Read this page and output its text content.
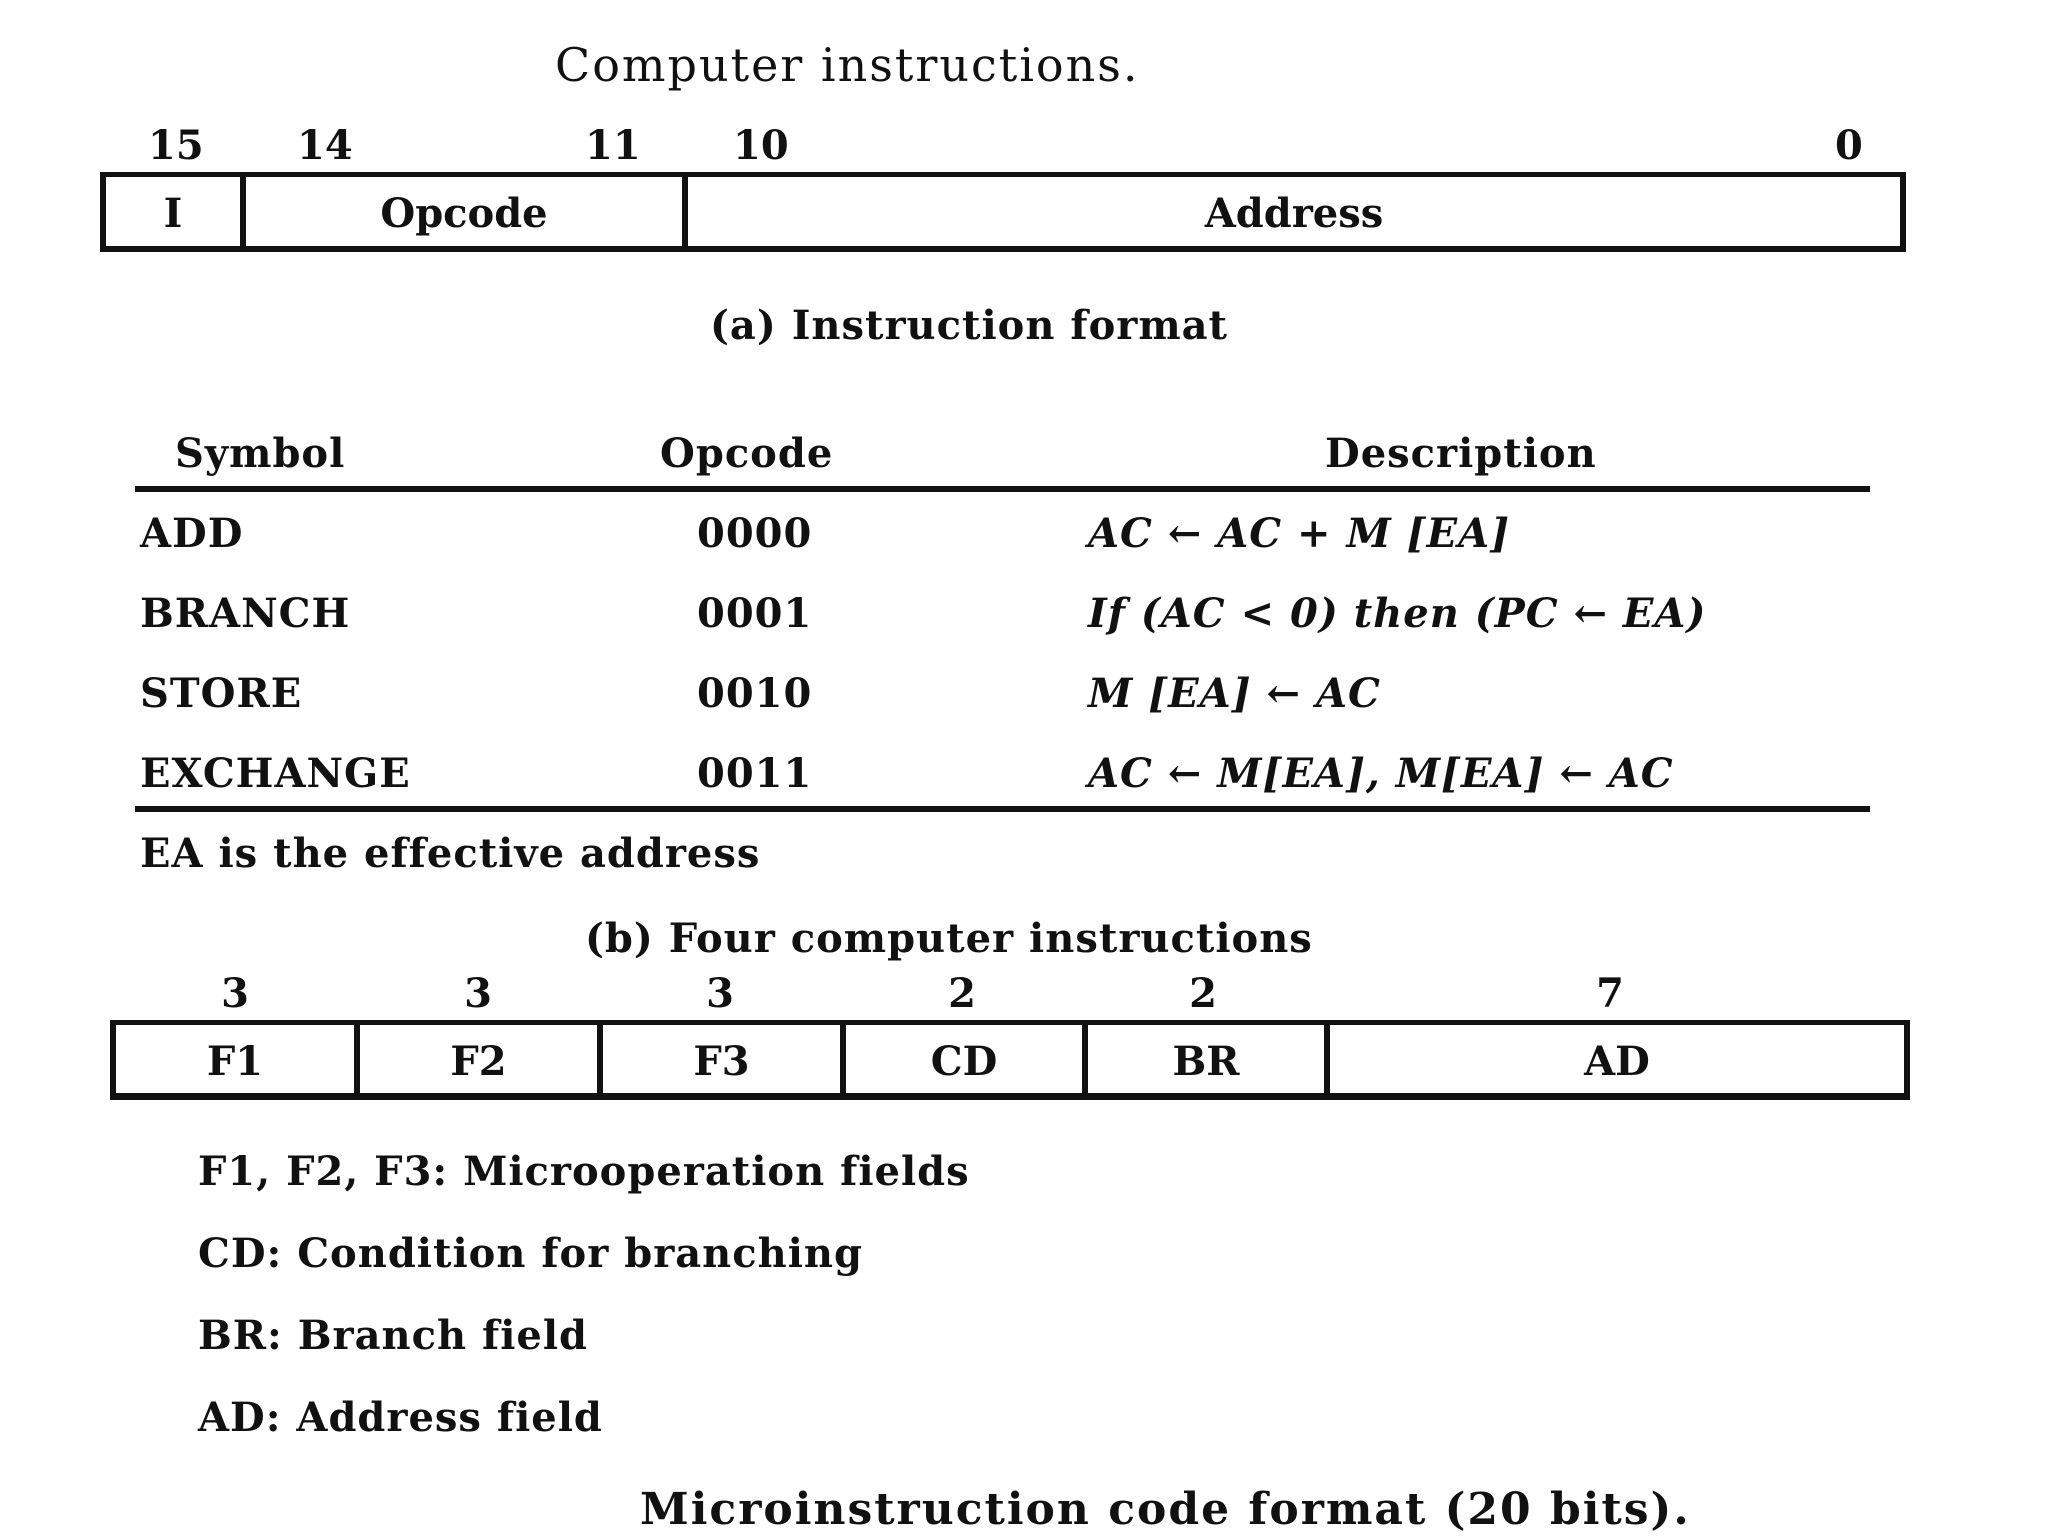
Computer instructions.
15 14	11 10	0
I	Opcode	Address
(a) Instruction format
Symbol	Opcode	Description
ADD	0000	AC ← AC + M [EA]
BRANCH	0001	If (AC < 0) then (PC ← EA)
STORE	0010	M [EA] ← AC
EXCHANGE	0011	AC ← M[EA], M[EA] ← AC
EA is the effective address
(b) Four computer instructions
3	3	3	2	2	7
F1	F2	F3	CD	BR	AD
F1, F2, F3: Microoperation fields
CD: Condition for branching
BR: Branch field
AD: Address field
Microinstruction code format (20 bits).
